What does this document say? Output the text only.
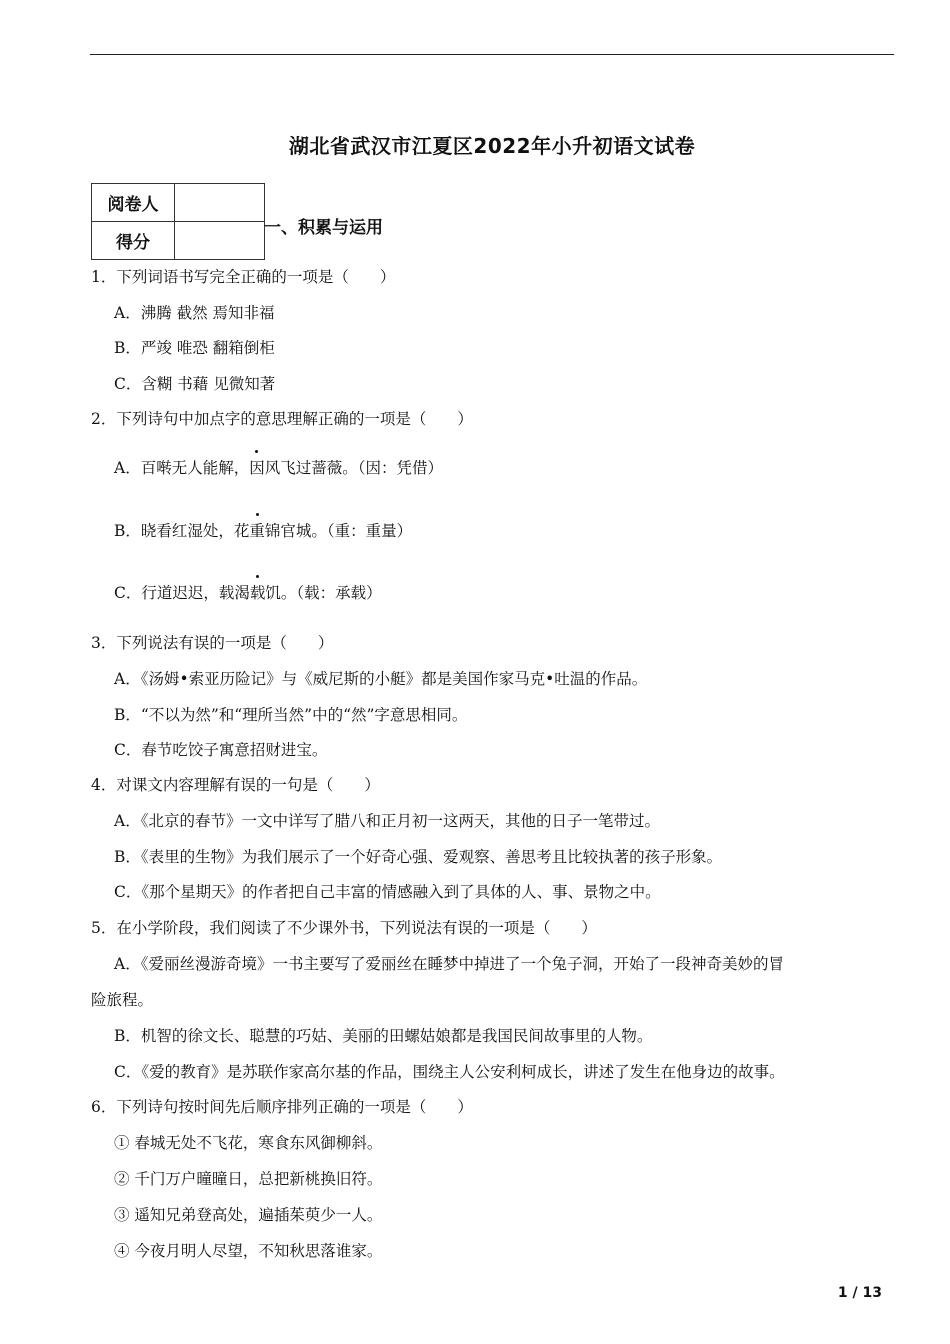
湖北省武汉市江夏区2022年小升初语文试卷
阅卷人	
得分	
一、积累与运用
1．下列词语书写完全正确的一项是（　　）
A．沸腾 截然 焉知非福
B．严竣 唯恐 翻箱倒柜
C．含糊 书藉 见微知著
2．下列诗句中加点字的意思理解正确的一项是（　　）
A．百啭无人能解，因风飞过蔷薇。（因：凭借）
B．晓看红湿处，花重锦官城。（重：重量）
C．行道迟迟，载渴载饥。（载：承载）
3．下列说法有误的一项是（　　）
A．《汤姆•索亚历险记》与《威尼斯的小艇》都是美国作家马克•吐温的作品。
B．“不以为然”和“理所当然”中的“然”字意思相同。
C．春节吃饺子寓意招财进宝。
4．对课文内容理解有误的一句是（　　）
A．《北京的春节》一文中详写了腊八和正月初一这两天，其他的日子一笔带过。
B．《表里的生物》为我们展示了一个好奇心强、爱观察、善思考且比较执著的孩子形象。
C．《那个星期天》的作者把自己丰富的情感融入到了具体的人、事、景物之中。
5．在小学阶段，我们阅读了不少课外书，下列说法有误的一项是（　　）
A．《爱丽丝漫游奇境》一书主要写了爱丽丝在睡梦中掉进了一个兔子洞，开始了一段神奇美妙的冒
险旅程。
B．机智的徐文长、聪慧的巧姑、美丽的田螺姑娘都是我国民间故事里的人物。
C．《爱的教育》是苏联作家高尔基的作品，围绕主人公安利柯成长，讲述了发生在他身边的故事。
6．下列诗句按时间先后顺序排列正确的一项是（　　）
① 春城无处不飞花，寒食东风御柳斜。
② 千门万户曈曈日，总把新桃换旧符。
③ 遥知兄弟登高处，遍插茱萸少一人。
④ 今夜月明人尽望，不知秋思落谁家。
1 / 13
